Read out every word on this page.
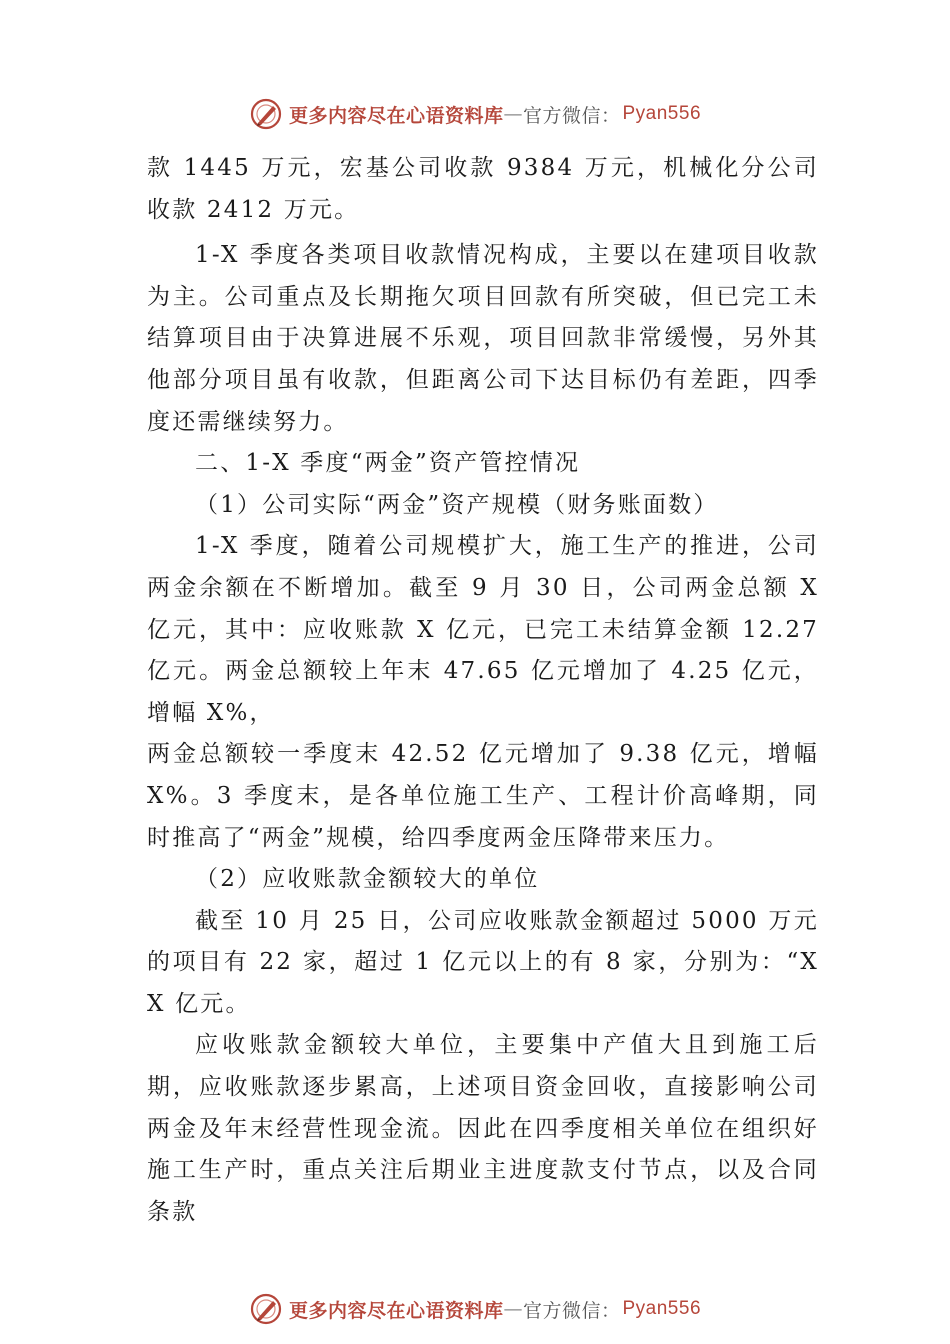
更多内容尽在心语资料库 — 官方微信： Pyan556

款 1445 万元，宏基公司收款 9384 万元，机械化分公司收款 2412 万元。

1-X 季度各类项目收款情况构成，主要以在建项目收款为主。公司重点及长期拖欠项目回款有所突破，但已完工未结算项目由于决算进展不乐观，项目回款非常缓慢，另外其他部分项目虽有收款，但距离公司下达目标仍有差距，四季度还需继续努力。

二、1-X 季度“两金”资产管控情况

（1）公司实际“两金”资产规模（财务账面数）

1-X 季度，随着公司规模扩大，施工生产的推进，公司两金余额在不断增加。截至 9 月 30 日，公司两金总额 X 亿元，其中：应收账款 X 亿元，已完工未结算金额 12.27 亿元。两金总额较上年末 47.65 亿元增加了 4.25 亿元，增幅 X%，

两金总额较一季度末 42.52 亿元增加了 9.38 亿元，增幅 X%。3 季度末，是各单位施工生产、工程计价高峰期，同时推高了“两金”规模，给四季度两金压降带来压力。

（2）应收账款金额较大的单位

截至 10 月 25 日，公司应收账款金额超过 5000 万元的项目有 22 家，超过 1 亿元以上的有 8 家，分别为：“XX 亿元。

应收账款金额较大单位，主要集中产值大且到施工后期，应收账款逐步累高，上述项目资金回收，直接影响公司两金及年末经营性现金流。因此在四季度相关单位在组织好施工生产时，重点关注后期业主进度款支付节点，以及合同条款

更多内容尽在心语资料库 — 官方微信： Pyan556
